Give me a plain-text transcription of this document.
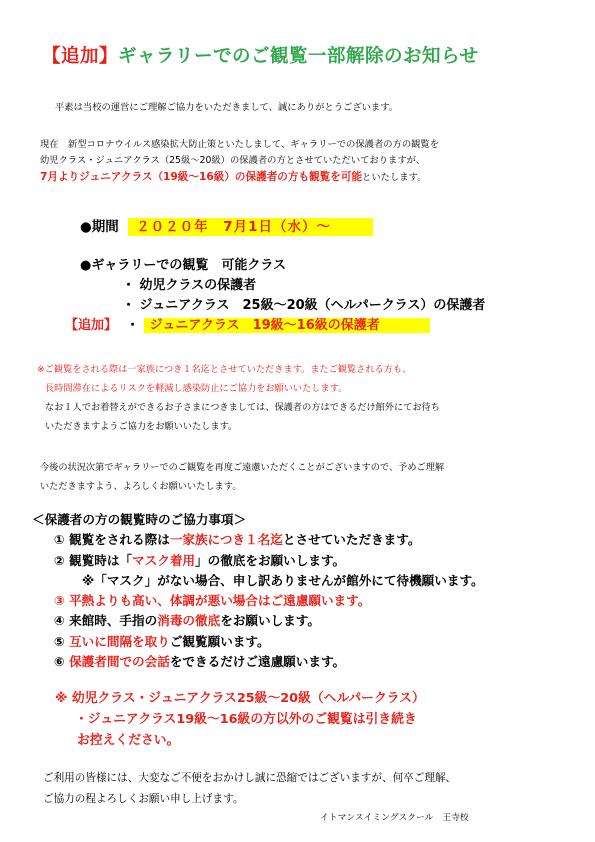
【追加】ギャラリーでのご観覧一部解除のお知らせ
平素は当校の運営にご理解ご協力をいただきまして、誠にありがとうございます。
現在　新型コロナウイルス感染拡大防止策といたしまして、ギャラリーでの保護者の方の観覧を
幼児クラス・ジュニアクラス（25級～20級）の保護者の方とさせていただいておりますが、
7月よりジュニアクラス（19級～16級）の保護者の方も観覧を可能といたします。
●期間 ２０２０年　7月1日（水）～
●ギャラリーでの観覧　可能クラス
・ 幼児クラスの保護者
・ ジュニアクラス　25級～20級（ヘルパークラス）の保護者
【追加】 ・ ジュニアクラス　19級～16級の保護者
※ご観覧をされる際は一家族につき１名迄とさせていただきます。またご観覧される方も、
長時間滞在によるリスクを軽減し感染防止にご協力をお願いいたします。
なお１人でお着替えができるお子さまにつきましては、保護者の方はできるだけ館外にてお待ち
いただきますようご協力をお願いいたします。
今後の状況次第でギャラリーでのご観覧を再度ご遠慮いただくことがございますので、予めご理解
いただきますよう、よろしくお願いいたします。
＜保護者の方の観覧時のご協力事項＞
① 観覧をされる際は一家族につき１名迄とさせていただきます。
② 観覧時は「マスク着用」の徹底をお願いします。
※「マスク」がない場合、申し訳ありませんが館外にて待機願います。
③ 平熱よりも高い、体調が悪い場合はご遠慮願います。
④ 来館時、手指の消毒の徹底をお願いします。
⑤ 互いに間隔を取りご観覧願います。
⑥ 保護者間での会話をできるだけご遠慮願います。
※ 幼児クラス・ジュニアクラス25級～20級（ヘルパークラス）
・ジュニアクラス19級～16級の方以外のご観覧は引き続き
お控えください。
ご利用の皆様には、大変なご不便をおかけし誠に恐縮ではございますが、何卒ご理解、
ご協力の程よろしくお願い申し上げます。
イトマンスイミングスクール　王寺校
